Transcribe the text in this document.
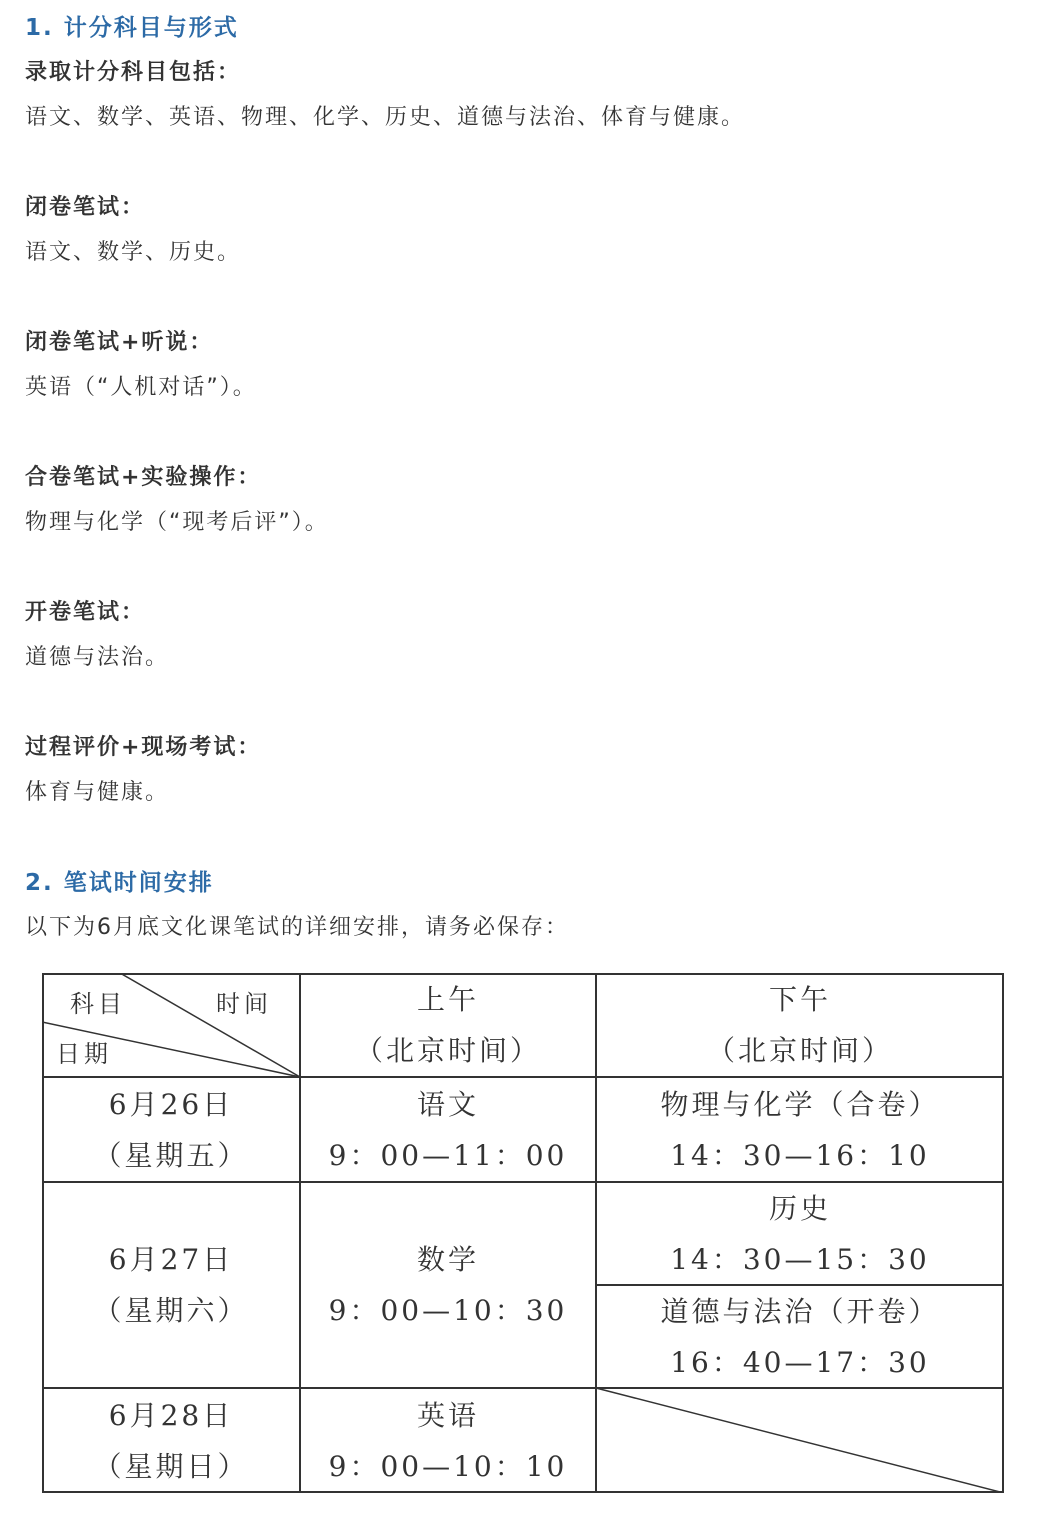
1. 计分科目与形式
录取计分科目包括：
语文、数学、英语、物理、化学、历史、道德与法治、体育与健康。
闭卷笔试：
语文、数学、历史。
闭卷笔试+听说：
英语（“人机对话”）。
合卷笔试+实验操作：
物理与化学（“现考后评”）。
开卷笔试：
道德与法治。
过程评价+现场考试：
体育与健康。
2. 笔试时间安排
以下为6月底文化课笔试的详细安排，请务必保存：
科目	时间
日期
上午
（北京时间）
下午
（北京时间）
6月26日
（星期五）
语文
9：00—11：00
物理与化学（合卷）
14：30—16：10
6月27日
（星期六）
数学
9：00—10：30
历史
14：30—15：30
道德与法治（开卷）
16：40—17：30
6月28日
（星期日）
英语
9：00—10：10
